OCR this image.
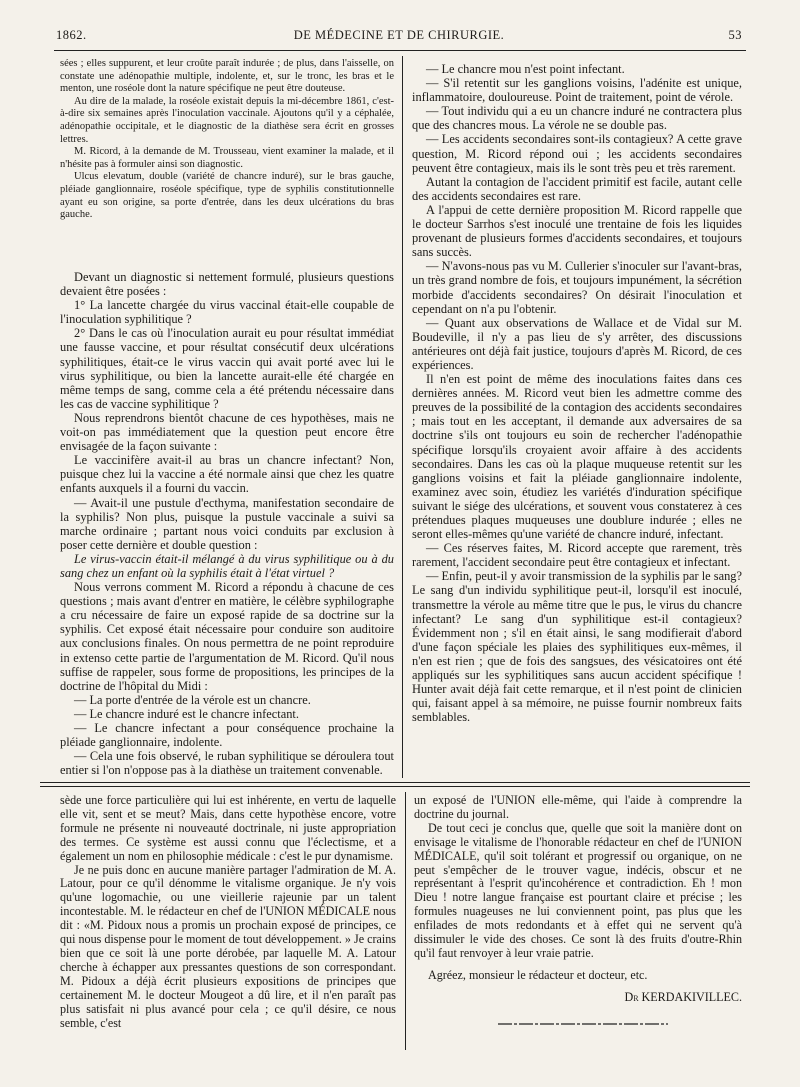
1862.	DE MÉDECINE ET DE CHIRURGIE.	53

sées ; elles suppurent, et leur croûte paraît indurée ; de plus, dans l'aisselle, on constate une adénopathie multiple, indolente, et, sur le tronc, les bras et le menton, une roséole dont la nature spécifique ne peut être douteuse.

Au dire de la malade, la roséole existait depuis la mi-décembre 1861, c'est-à-dire six semaines après l'inoculation vaccinale. Ajoutons qu'il y a céphalée, adénopathie occipitale, et le diagnostic de la diathèse sera écrit en grosses lettres.

M. Ricord, à la demande de M. Trousseau, vient examiner la malade, et il n'hésite pas à formuler ainsi son diagnostic.

Ulcus elevatum, double (variété de chancre induré), sur le bras gauche, pléiade ganglionnaire, roséole spécifique, type de syphilis constitutionnelle ayant eu son origine, sa porte d'entrée, dans les deux ulcérations du bras gauche.

Devant un diagnostic si nettement formulé, plusieurs questions devaient être posées :

1° La lancette chargée du virus vaccinal était-elle coupable de l'inoculation syphilitique ?

2° Dans le cas où l'inoculation aurait eu pour résultat immédiat une fausse vaccine, et pour résultat consécutif deux ulcérations syphilitiques, était-ce le virus vaccin qui avait porté avec lui le virus syphilitique, ou bien la lancette aurait-elle été chargée en même temps de sang, comme cela a été prétendu nécessaire dans les cas de vaccine syphilitique ?

Nous reprendrons bientôt chacune de ces hypothèses, mais ne voit-on pas immédiatement que la question peut encore être envisagée de la façon suivante :

Le vaccinifère avait-il au bras un chancre infectant? Non, puisque chez lui la vaccine a été normale ainsi que chez les quatre enfants auxquels il a fourni du vaccin.

— Avait-il une pustule d'ecthyma, manifestation secondaire de la syphilis? Non plus, puisque la pustule vaccinale a suivi sa marche ordinaire ; partant nous voici conduits par exclusion à poser cette dernière et double question :

Le virus-vaccin était-il mélangé à du virus syphilitique ou à du sang chez un enfant où la syphilis était à l'état virtuel ?

Nous verrons comment M. Ricord a répondu à chacune de ces questions ; mais avant d'entrer en matière, le célèbre syphilographe a cru nécessaire de faire un exposé rapide de sa doctrine sur la syphilis. Cet exposé était nécessaire pour conduire son auditoire aux conclusions finales. On nous permettra de ne point reproduire in extenso cette partie de l'argumentation de M. Ricord. Qu'il nous suffise de rappeler, sous forme de propositions, les principes de la doctrine de l'hôpital du Midi :

— La porte d'entrée de la vérole est un chancre.

— Le chancre induré est le chancre infectant.

— Le chancre infectant a pour conséquence prochaine la pléiade ganglionnaire, indolente.

— Cela une fois observé, le ruban syphilitique se déroulera tout entier si l'on n'oppose pas à la diathèse un traitement convenable.

— Le chancre mou n'est point infectant.

— S'il retentit sur les ganglions voisins, l'adénite est unique, inflammatoire, douloureuse. Point de traitement, point de vérole.

— Tout individu qui a eu un chancre induré ne contractera plus que des chancres mous. La vérole ne se double pas.

— Les accidents secondaires sont-ils contagieux? A cette grave question, M. Ricord répond oui ; les accidents secondaires peuvent être contagieux, mais ils le sont très peu et très rarement.

Autant la contagion de l'accident primitif est facile, autant celle des accidents secondaires est rare.

A l'appui de cette dernière proposition M. Ricord rappelle que le docteur Sarrhos s'est inoculé une trentaine de fois les liquides provenant de plusieurs formes d'accidents secondaires, et toujours sans succès.

— N'avons-nous pas vu M. Cullerier s'inoculer sur l'avant-bras, un très grand nombre de fois, et toujours impunément, la sécrétion morbide d'accidents secondaires? On désirait l'inoculation et cependant on n'a pu l'obtenir.

— Quant aux observations de Wallace et de Vidal sur M. Boudeville, il n'y a pas lieu de s'y arrêter, des discussions antérieures ont déjà fait justice, toujours d'après M. Ricord, de ces expériences.

Il n'en est point de même des inoculations faites dans ces dernières années. M. Ricord veut bien les admettre comme des preuves de la possibilité de la contagion des accidents secondaires ; mais tout en les acceptant, il demande aux adversaires de sa doctrine s'ils ont toujours eu soin de rechercher l'adénopathie spécifique lorsqu'ils croyaient avoir affaire à des accidents secondaires. Dans les cas où la plaque muqueuse retentit sur les ganglions voisins et fait la pléiade ganglionnaire indolente, examinez avec soin, étudiez les variétés d'induration spécifique suivant le siége des ulcérations, et souvent vous constaterez à ces prétendues plaques muqueuses une doublure indurée ; elles ne seront elles-mêmes qu'une variété de chancre induré, infectant.

— Ces réserves faites, M. Ricord accepte que rarement, très rarement, l'accident secondaire peut être contagieux et infectant.

— Enfin, peut-il y avoir transmission de la syphilis par le sang? Le sang d'un individu syphilitique peut-il, lorsqu'il est inoculé, transmettre la vérole au même titre que le pus, le virus du chancre infectant? Le sang d'un syphilitique est-il contagieux? Évidemment non ; s'il en était ainsi, le sang modifierait d'abord d'une façon spéciale les plaies des syphilitiques eux-mêmes, il n'en est rien ; que de fois des sangsues, des vésicatoires ont été appliqués sur les syphilitiques sans aucun accident spécifique ! Hunter avait déjà fait cette remarque, et il n'est point de clinicien qui, faisant appel à sa mémoire, ne puisse fournir nombreux faits semblables.

sède une force particulière qui lui est inhérente, en vertu de laquelle elle vit, sent et se meut? Mais, dans cette hypothèse encore, votre formule ne présente ni nouveauté doctrinale, ni juste appropriation des termes. Ce système est aussi connu que l'éclectisme, et a également un nom en philosophie médicale : c'est le pur dynamisme.

Je ne puis donc en aucune manière partager l'admiration de M. A. Latour, pour ce qu'il dénomme le vitalisme organique. Je n'y vois qu'une logomachie, ou une vieillerie rajeunie par un talent incontestable. M. le rédacteur en chef de l'UNION MÉDICALE nous dit : «M. Pidoux nous a promis un prochain exposé de principes, ce qui nous dispense pour le moment de tout développement. » Je crains bien que ce soit là une porte dérobée, par laquelle M. A. Latour cherche à échapper aux pressantes questions de son correspondant. M. Pidoux a déjà écrit plusieurs expositions de principes que certainement M. le docteur Mougeot a dû lire, et il n'en paraît pas plus satisfait ni plus avancé pour cela ; ce qu'il désire, ce nous semble, c'est

un exposé de l'UNION elle-même, qui l'aide à comprendre la doctrine du journal.

De tout ceci je conclus que, quelle que soit la manière dont on envisage le vitalisme de l'honorable rédacteur en chef de l'UNION MÉDICALE, qu'il soit tolérant et progressif ou organique, on ne peut s'empêcher de le trouver vague, indécis, obscur et ne représentant à l'esprit qu'incohérence et contradiction. Eh ! mon Dieu ! notre langue française est pourtant claire et précise ; les formules nuageuses ne lui conviennent point, pas plus que les enfilades de mots redondants et à effet qui ne servent qu'à dissimuler le vide des choses. Ce sont là des fruits d'outre-Rhin qu'il faut renvoyer à leur vraie patrie.

Agréez, monsieur le rédacteur et docteur, etc.

Dr KERDAKIVILLEC.
